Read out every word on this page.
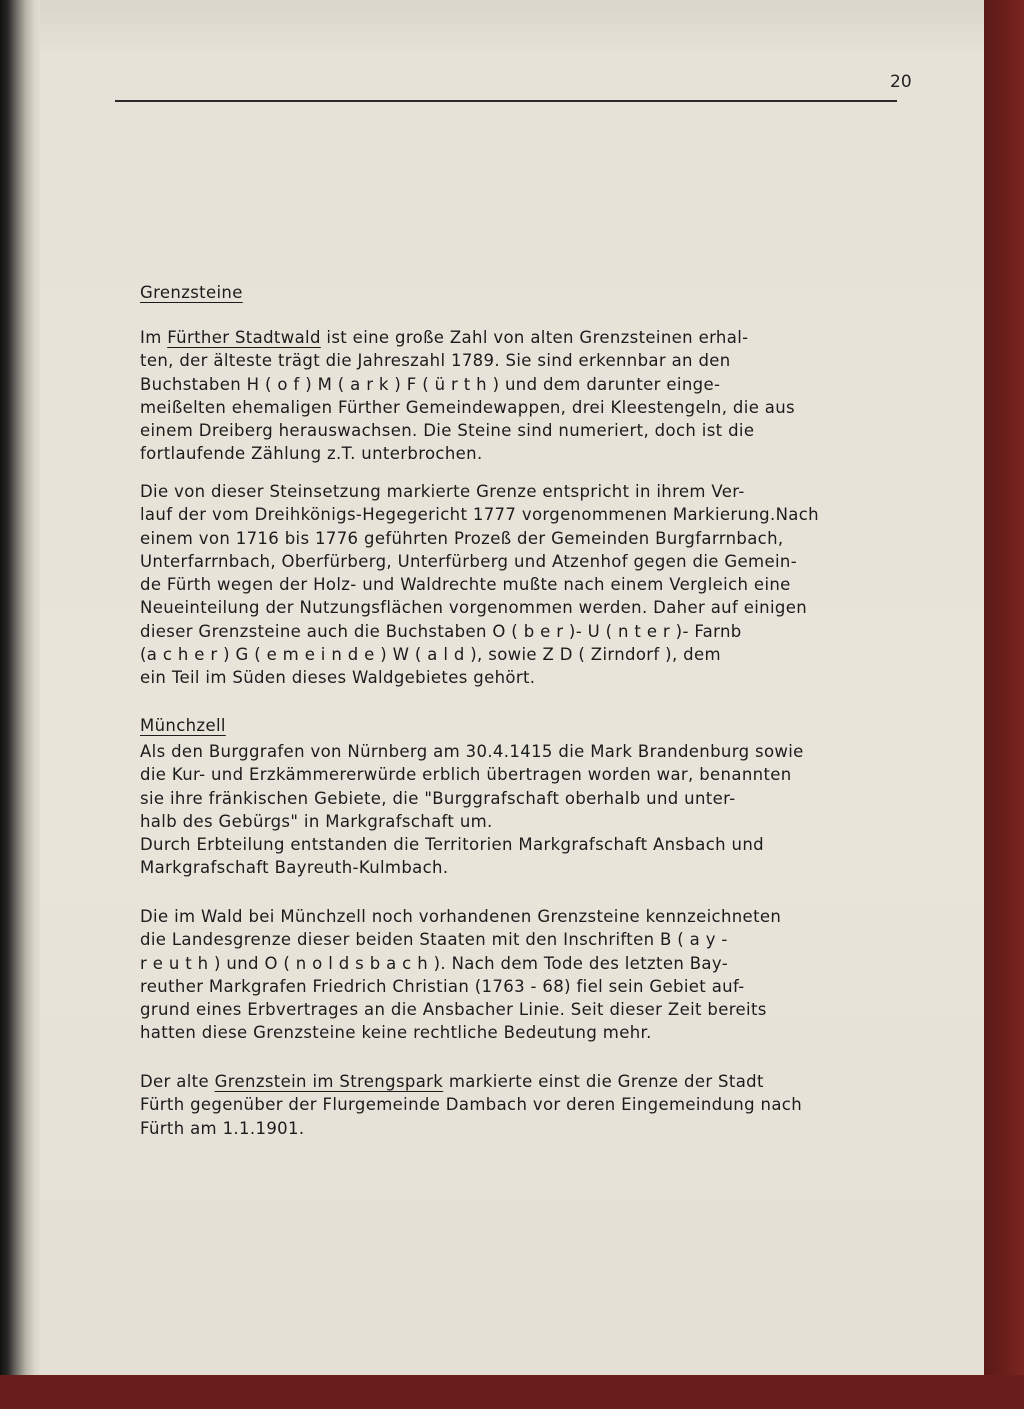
20
Grenzsteine
Im Fürther Stadtwald ist eine große Zahl von alten Grenzsteinen erhal-
ten, der älteste trägt die Jahreszahl 1789. Sie sind erkennbar an den
Buchstaben H ( o f ) M ( a r k ) F ( ü r t h ) und dem darunter einge-
meißelten ehemaligen Fürther Gemeindewappen, drei Kleestengeln, die aus
einem Dreiberg herauswachsen. Die Steine sind numeriert, doch ist die
fortlaufende Zählung z.T. unterbrochen.
Die von dieser Steinsetzung markierte Grenze entspricht in ihrem Ver-
lauf der vom Dreihkönigs-Hegegericht 1777 vorgenommenen Markierung.Nach
einem von 1716 bis 1776 geführten Prozeß der Gemeinden Burgfarrnbach,
Unterfarrnbach, Oberfürberg, Unterfürberg und Atzenhof gegen die Gemein-
de Fürth wegen der Holz- und Waldrechte mußte nach einem Vergleich eine
Neueinteilung der Nutzungsflächen vorgenommen werden. Daher auf einigen
dieser Grenzsteine auch die Buchstaben O ( b e r )- U ( n t e r )- Farnb
(a c h e r ) G ( e m e i n d e ) W ( a l d ), sowie Z D ( Zirndorf ), dem
ein Teil im Süden dieses Waldgebietes gehört.
Münchzell
Als den Burggrafen von Nürnberg am 30.4.1415 die Mark Brandenburg sowie
die Kur- und Erzkämmererwürde erblich übertragen worden war, benannten
sie ihre fränkischen Gebiete, die "Burggrafschaft oberhalb und unter-
halb des Gebürgs" in Markgrafschaft um.
Durch Erbteilung entstanden die Territorien Markgrafschaft Ansbach und
Markgrafschaft Bayreuth-Kulmbach.
Die im Wald bei Münchzell noch vorhandenen Grenzsteine kennzeichneten
die Landesgrenze dieser beiden Staaten mit den Inschriften B ( a y -
r e u t h ) und O ( n o l d s b a c h ). Nach dem Tode des letzten Bay-
reuther Markgrafen Friedrich Christian (1763 - 68) fiel sein Gebiet auf-
grund eines Erbvertrages an die Ansbacher Linie. Seit dieser Zeit bereits
hatten diese Grenzsteine keine rechtliche Bedeutung mehr.
Der alte Grenzstein im Strengspark markierte einst die Grenze der Stadt
Fürth gegenüber der Flurgemeinde Dambach vor deren Eingemeindung nach
Fürth am 1.1.1901.
